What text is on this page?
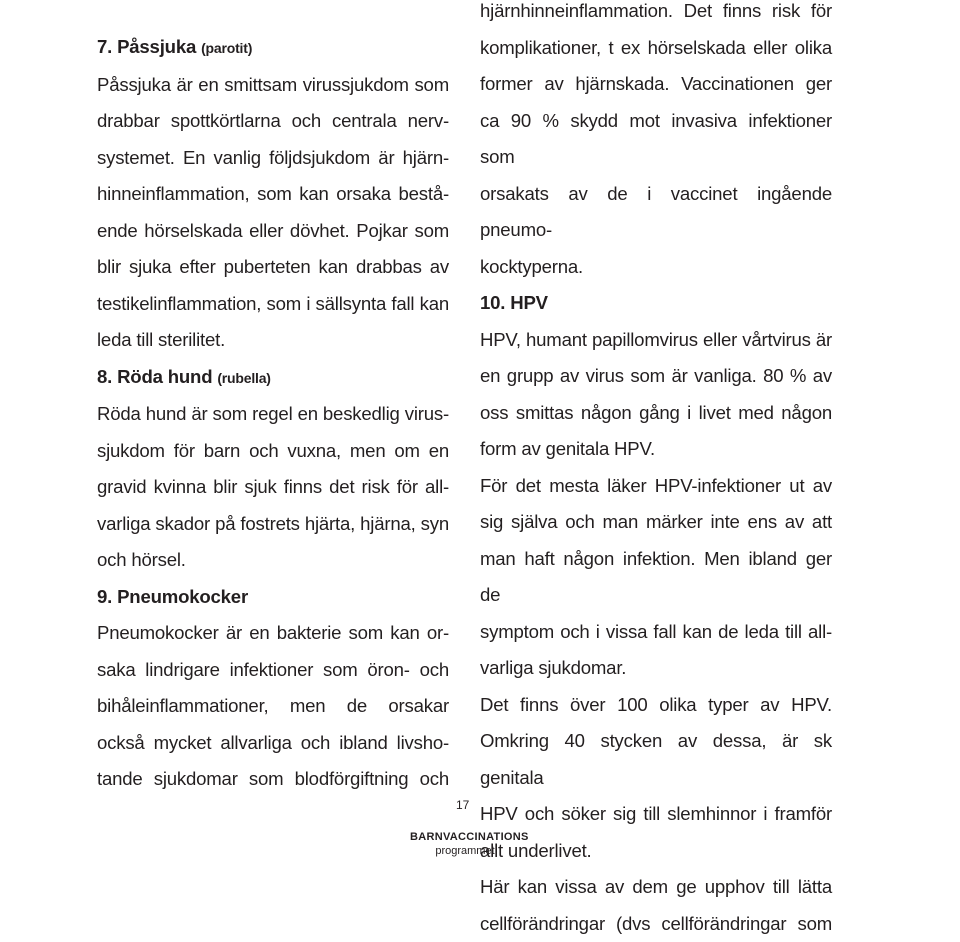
7. Påssjuka (parotit)
Påssjuka är en smittsam virussjukdom som
drabbar spottkörtlarna och centrala nerv-
systemet. En vanlig följdsjukdom är hjärn-
hinneinflammation, som kan orsaka bestå-
ende hörselskada eller dövhet. Pojkar som
blir sjuka efter puberteten kan drabbas av
testikelinflammation, som i sällsynta fall kan
leda till sterilitet.
8. Röda hund (rubella)
Röda hund är som regel en beskedlig virus-
sjukdom för barn och vuxna, men om en
gravid kvinna blir sjuk finns det risk för all-
varliga skador på fostrets hjärta, hjärna, syn
och hörsel.
9. Pneumokocker
Pneumokocker är en bakterie som kan or-
saka lindrigare infektioner som öron- och
bihåleinflammationer, men de orsakar
också mycket allvarliga och ibland livsho-
tande sjukdomar som blodförgiftning och
hjärnhinneinflammation. Det finns risk för
komplikationer, t ex hörselskada eller olika
former av hjärnskada. Vaccinationen ger
ca 90 % skydd mot invasiva infektioner som
orsakats av de i vaccinet ingående pneumo-
kocktyperna.
10. HPV
HPV, humant papillomvirus eller vårtvirus är
en grupp av virus som är vanliga. 80 % av
oss smittas någon gång i livet med någon
form av genitala HPV.
För det mesta läker HPV-infektioner ut av
sig själva och man märker inte ens av att
man haft någon infektion. Men ibland ger de
symptom och i vissa fall kan de leda till all-
varliga sjukdomar.
Det finns över 100 olika typer av HPV.
Omkring 40 stycken av dessa, är sk genitala
HPV och söker sig till slemhinnor i framför
allt underlivet.
Här kan vissa av dem ge upphov till lätta
cellförändringar (dvs cellförändringar som
17
BARNVACCINATIONS
programmet
